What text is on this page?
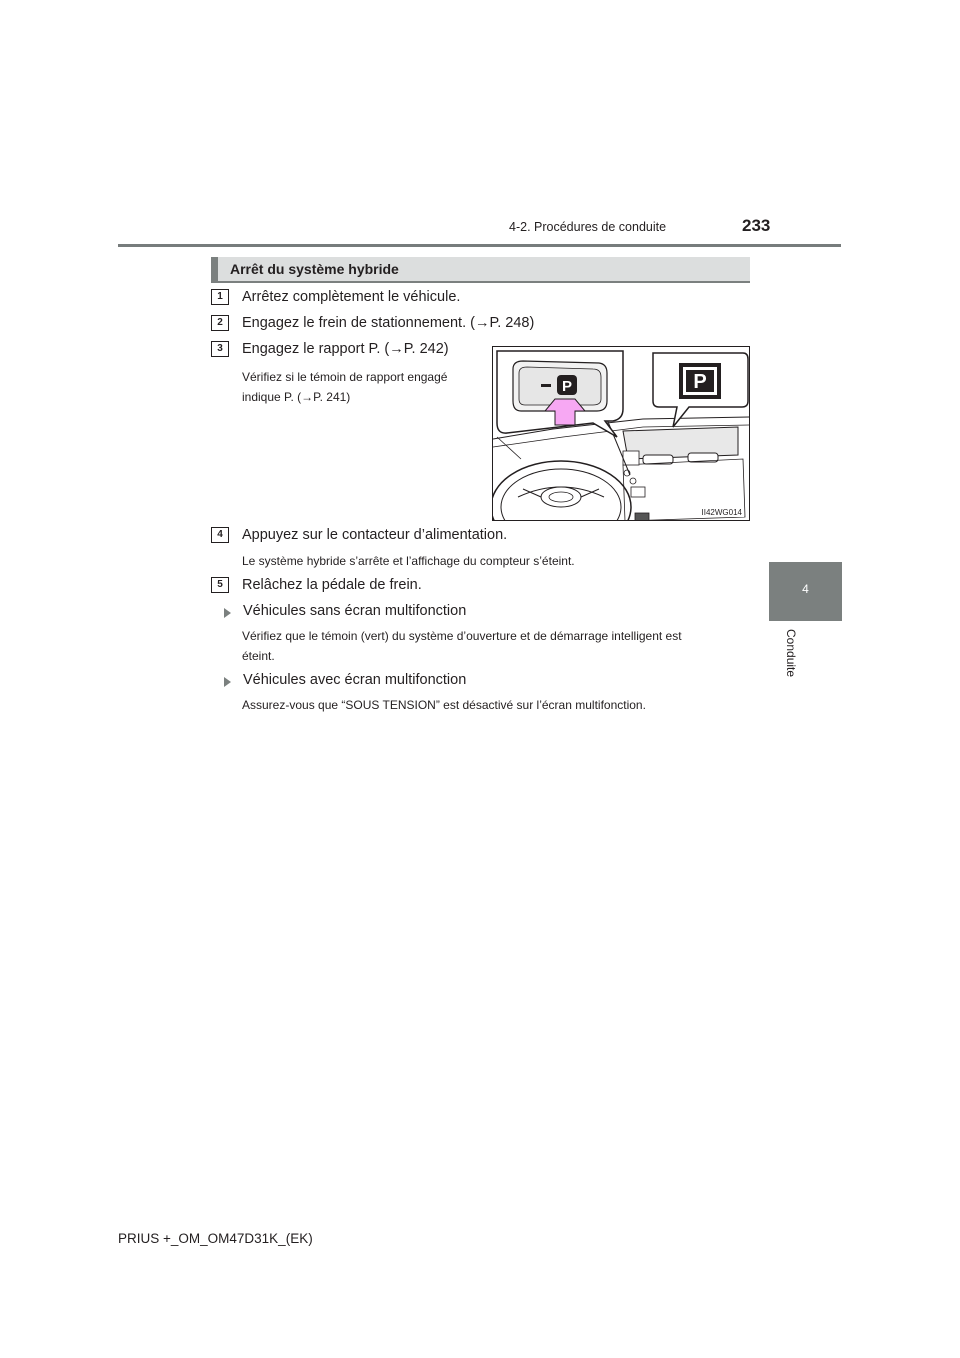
4-2. Procédures de conduite	233
4
Conduite
Arrêt du système hybride
1	Arrêtez complètement le véhicule.
2	Engagez le frein de stationnement. (→P. 248)
3	Engagez le rapport P. (→P. 242)
Vérifiez si le témoin de rapport engagé
indique P. (→P. 241)
P	P
II42WG014
4	Appuyez sur le contacteur d’alimentation.
Le système hybride s’arrête et l’affichage du compteur s’éteint.
5	Relâchez la pédale de frein.
Véhicules sans écran multifonction
Vérifiez que le témoin (vert) du système d’ouverture et de démarrage intelligent est
éteint.
Véhicules avec écran multifonction
Assurez-vous que “SOUS TENSION” est désactivé sur l’écran multifonction.
PRIUS +_OM_OM47D31K_(EK)
